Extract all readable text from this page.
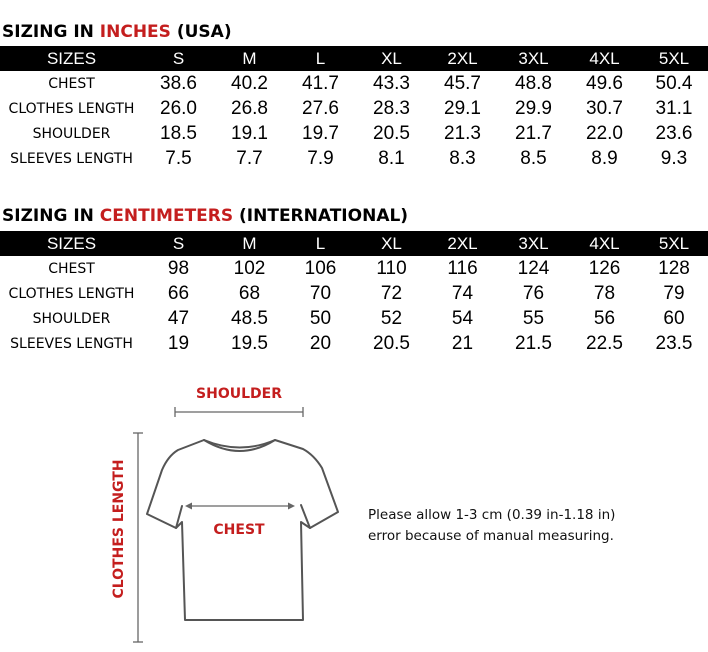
SIZING IN INCHES (USA)
SIZES	S	M	L	XL	2XL	3XL	4XL	5XL
CHEST	38.6	40.2	41.7	43.3	45.7	48.8	49.6	50.4
CLOTHES LENGTH	26.0	26.8	27.6	28.3	29.1	29.9	30.7	31.1
SHOULDER	18.5	19.1	19.7	20.5	21.3	21.7	22.0	23.6
SLEEVES LENGTH	7.5	7.7	7.9	8.1	8.3	8.5	8.9	9.3
SIZING IN CENTIMETERS (INTERNATIONAL)
SIZES	S	M	L	XL	2XL	3XL	4XL	5XL
CHEST	98	102	106	110	116	124	126	128
CLOTHES LENGTH	66	68	70	72	74	76	78	79
SHOULDER	47	48.5	50	52	54	55	56	60
SLEEVES LENGTH	19	19.5	20	20.5	21	21.5	22.5	23.5
SHOULDER
CLOTHES LENGTH	CHEST

Please allow 1-3 cm (0.39 in-1.18 in)
error because of manual measuring.
